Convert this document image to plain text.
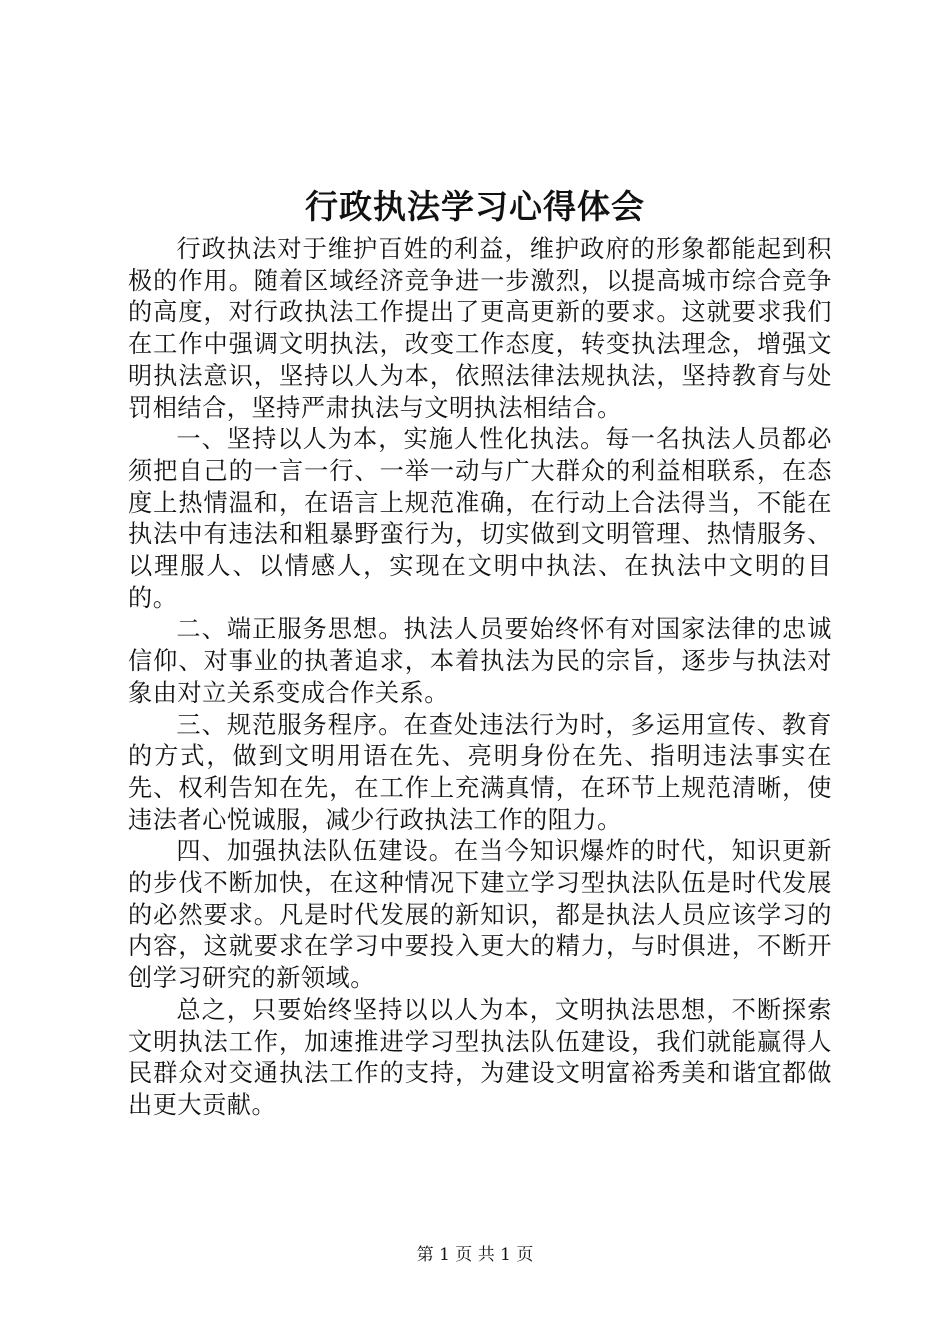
行政执法学习心得体会

行政执法对于维护百姓的利益，维护政府的形象都能起到积极的作用。随着区域经济竞争进一步激烈，以提高城市综合竞争的高度，对行政执法工作提出了更高更新的要求。这就要求我们在工作中强调文明执法，改变工作态度，转变执法理念，增强文明执法意识，坚持以人为本，依照法律法规执法，坚持教育与处罚相结合，坚持严肃执法与文明执法相结合。

一、坚持以人为本，实施人性化执法。每一名执法人员都必须把自己的一言一行、一举一动与广大群众的利益相联系，在态度上热情温和，在语言上规范准确，在行动上合法得当，不能在执法中有违法和粗暴野蛮行为，切实做到文明管理、热情服务、以理服人、以情感人，实现在文明中执法、在执法中文明的目的。

二、端正服务思想。执法人员要始终怀有对国家法律的忠诚信仰、对事业的执著追求，本着执法为民的宗旨，逐步与执法对象由对立关系变成合作关系。

三、规范服务程序。在查处违法行为时，多运用宣传、教育的方式，做到文明用语在先、亮明身份在先、指明违法事实在先、权利告知在先，在工作上充满真情，在环节上规范清晰，使违法者心悦诚服，减少行政执法工作的阻力。

四、加强执法队伍建设。在当今知识爆炸的时代，知识更新的步伐不断加快，在这种情况下建立学习型执法队伍是时代发展的必然要求。凡是时代发展的新知识，都是执法人员应该学习的内容，这就要求在学习中要投入更大的精力，与时俱进，不断开创学习研究的新领域。

总之，只要始终坚持以以人为本，文明执法思想，不断探索文明执法工作，加速推进学习型执法队伍建设，我们就能赢得人民群众对交通执法工作的支持，为建设文明富裕秀美和谐宜都做出更大贡献。

第 1 页 共 1 页
